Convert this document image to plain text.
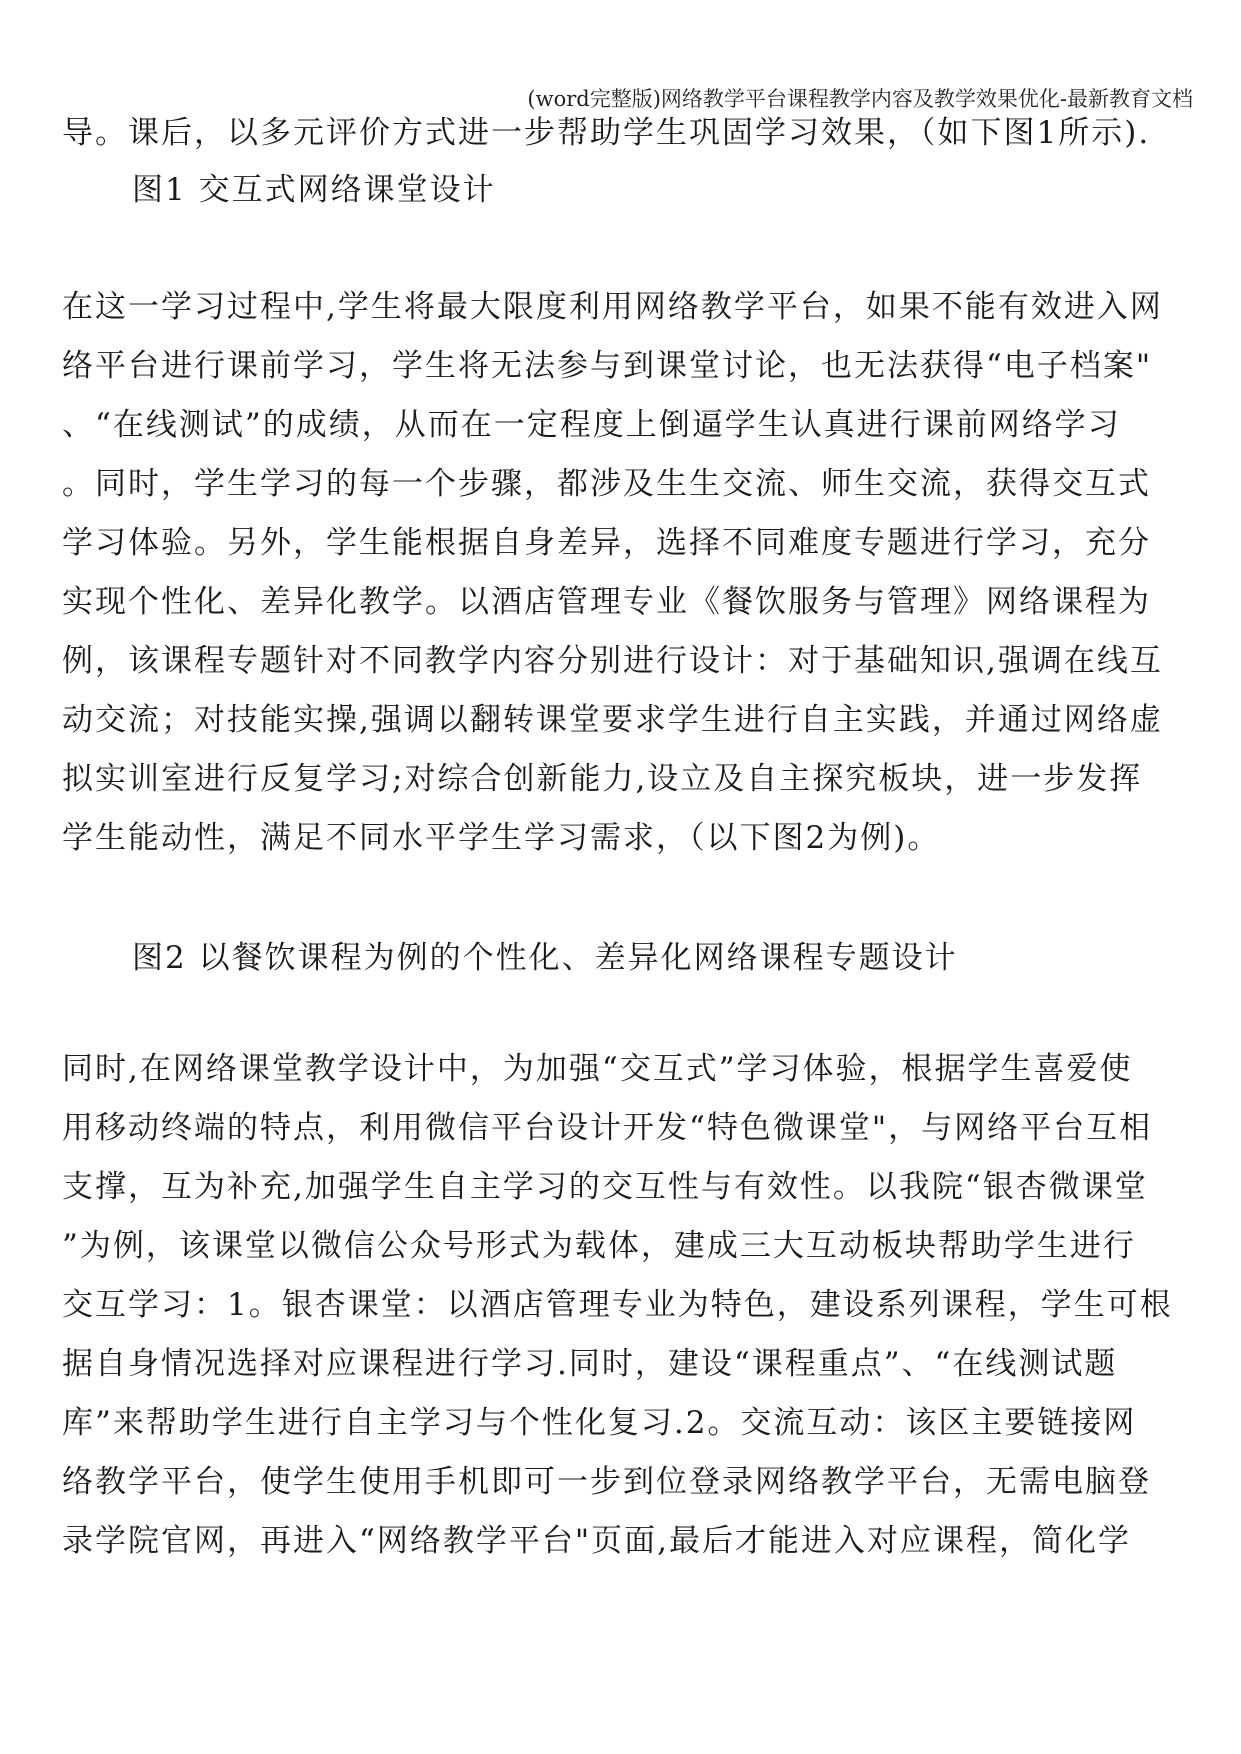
(word完整版)网络教学平台课程教学内容及教学效果优化-最新教育文档
导。课后，以多元评价方式进一步帮助学生巩固学习效果，（如下图1所示).
图1 交互式网络课堂设计
在这一学习过程中,学生将最大限度利用网络教学平台，如果不能有效进入网
络平台进行课前学习，学生将无法参与到课堂讨论，也无法获得“电子档案"
、“在线测试”的成绩，从而在一定程度上倒逼学生认真进行课前网络学习
。同时，学生学习的每一个步骤，都涉及生生交流、师生交流，获得交互式
学习体验。另外，学生能根据自身差异，选择不同难度专题进行学习，充分
实现个性化、差异化教学。以酒店管理专业《餐饮服务与管理》网络课程为
例，该课程专题针对不同教学内容分别进行设计：对于基础知识,强调在线互
动交流；对技能实操,强调以翻转课堂要求学生进行自主实践，并通过网络虚
拟实训室进行反复学习;对综合创新能力,设立及自主探究板块，进一步发挥
学生能动性，满足不同水平学生学习需求，（以下图2为例)。
图2 以餐饮课程为例的个性化、差异化网络课程专题设计
同时,在网络课堂教学设计中，为加强“交互式”学习体验，根据学生喜爱使
用移动终端的特点，利用微信平台设计开发“特色微课堂"，与网络平台互相
支撑，互为补充,加强学生自主学习的交互性与有效性。以我院“银杏微课堂
”为例，该课堂以微信公众号形式为载体，建成三大互动板块帮助学生进行
交互学习：1。银杏课堂：以酒店管理专业为特色，建设系列课程，学生可根
据自身情况选择对应课程进行学习.同时，建设“课程重点”、“在线测试题
库”来帮助学生进行自主学习与个性化复习.2。交流互动：该区主要链接网
络教学平台，使学生使用手机即可一步到位登录网络教学平台，无需电脑登
录学院官网，再进入“网络教学平台"页面,最后才能进入对应课程，简化学
